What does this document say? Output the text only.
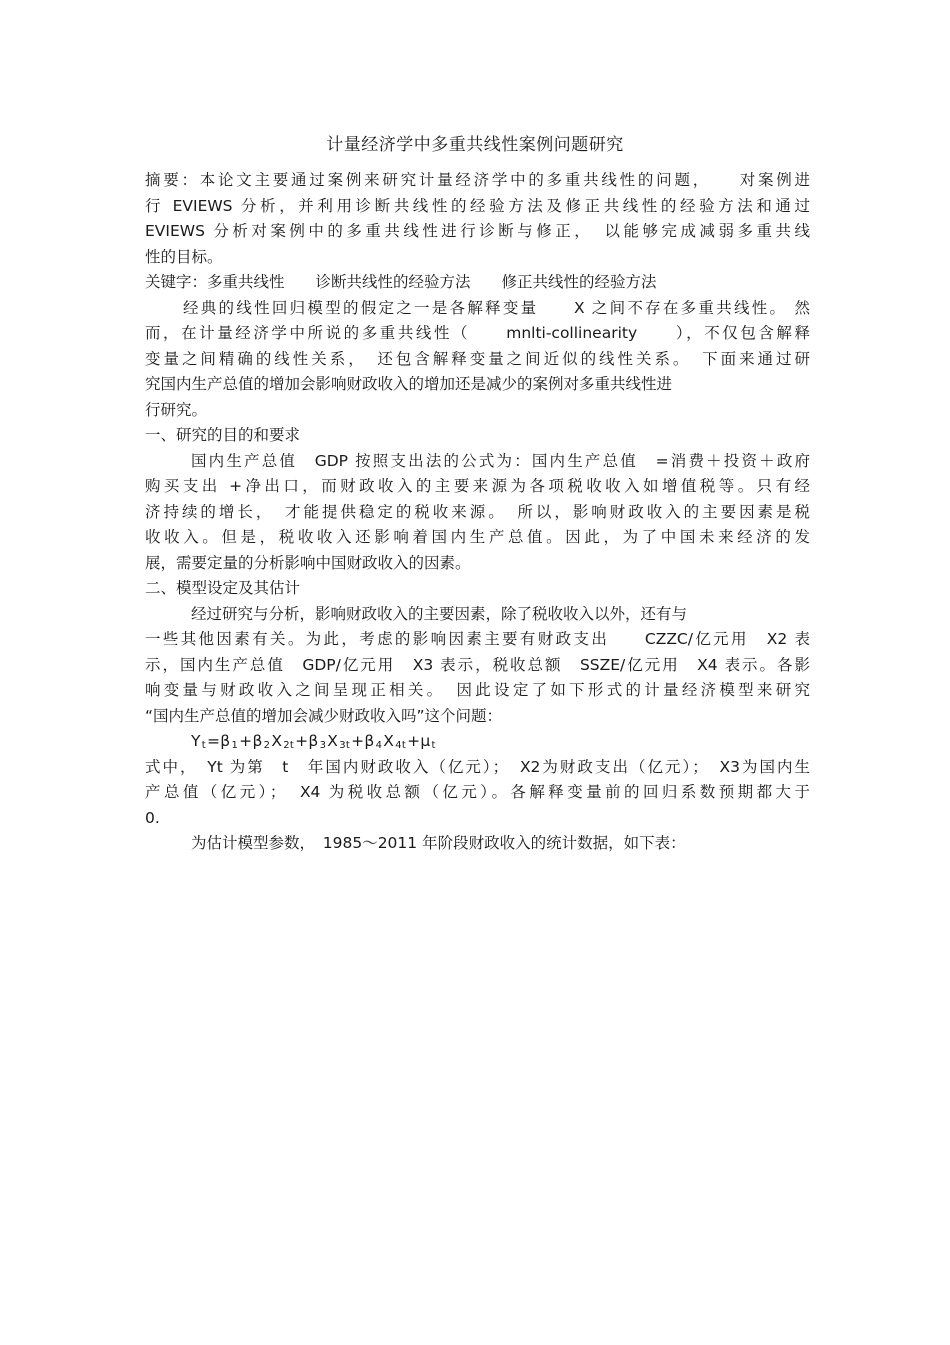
计量经济学中多重共线性案例问题研究
摘要：本论文主要通过案例来研究计量经济学中的多重共线性的问题，　　对案例进
行 EVIEWS 分析，并利用诊断共线性的经验方法及修正共线性的经验方法和通过
EVIEWS 分析对案例中的多重共线性进行诊断与修正，　以能够完成减弱多重共线
性的目标。
关键字：多重共线性　　诊断共线性的经验方法　　修正共线性的经验方法
经典的线性回归模型的假定之一是各解释变量　　X 之间不存在多重共线性。 然
而，在计量经济学中所说的多重共线性（　　mnlti-collinearity　　），不仅包含解释
变量之间精确的线性关系，　还包含解释变量之间近似的线性关系。　下面来通过研
究国内生产总值的增加会影响财政收入的增加还是减少的案例对多重共线性进
行研究。
一、研究的目的和要求
国内生产总值　GDP 按照支出法的公式为：国内生产总值　=消费＋投资＋政府
购买支出 +净出口，而财政收入的主要来源为各项税收收入如增值税等。只有经
济持续的增长，　才能提供稳定的税收来源。　所以，影响财政收入的主要因素是税
收收入。但是，税收收入还影响着国内生产总值。因此，为了中国未来经济的发
展，需要定量的分析影响中国财政收入的因素。
二、模型设定及其估计
经过研究与分析，影响财政收入的主要因素，除了税收收入以外，还有与
一些其他因素有关。为此，考虑的影响因素主要有财政支出　　CZZC/亿元用　X2 表
示，国内生产总值　GDP/亿元用　X3 表示，税收总额　SSZE/亿元用　X4 表示。各影
响变量与财政收入之间呈现正相关。　因此设定了如下形式的计量经济模型来研究
“国内生产总值的增加会减少财政收入吗”这个问题：
$Y_t=\beta_1+\beta_2X_{2t}+\beta_3X_{3t}+\beta_4X_{4t}+\mu_t$
式中，　Yt 为第　t　年国内财政收入（亿元）；　X2为财政支出（亿元）；　X3为国内生
产总值（亿元）；　X4 为税收总额（亿元）。各解释变量前的回归系数预期都大于
0.
为估计模型参数，　1985～2011 年阶段财政收入的统计数据，如下表：
